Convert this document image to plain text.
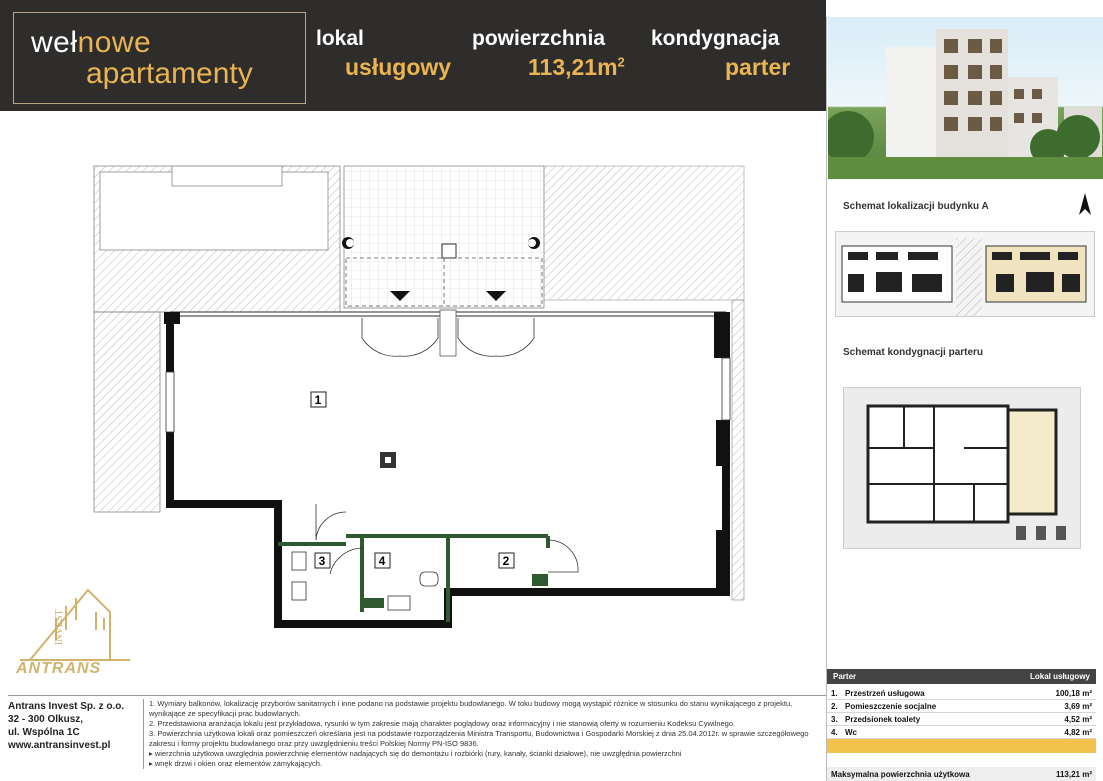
wełnowe
apartamenty
lokal
usługowy
powierzchnia
$113,21m^2$
kondygnacja
parter
1
2
3	4
INVEST
ANTRANS
Schemat lokalizacji budynku A
Schemat kondygnacji parteru
Parter	Lokal usługowy
1. Przestrzeń usługowa	100,18 m²
2. Pomieszczenie socjalne	3,69 m²
3. Przedsionek toalety	4,52 m²
4. Wc	4,82 m²
Maksymalna powierzchnia użytkowa	113,21 m²
Antrans Invest Sp. z o.o.
32 - 300 Olkusz,
ul. Wspólna 1C
www.antransinvest.pl
1. Wymiary balkonów, lokalizację przyborów sanitarnych i inne podano na podstawie projektu budowlanego. W toku budowy mogą wystąpić różnice w stosunku do stanu wynikającego z projektu, wynikające ze specyfikacji prac budowlanych.
2. Przedstawiona aranżacja lokalu jest przykładowa, rysunki w tym zakresie mają charakter poglądowy oraz informacyjny i nie stanowią oferty w rozumieniu Kodeksu Cywilnego.
3. Powierzchnia użytkowa lokali oraz pomieszczeń określana jest na podstawie rozporządzenia Ministra Transportu, Budownictwa i Gospodarki Morskiej z dnia 25.04.2012r. w sprawie szczegółowego zakresu i formy projektu budowlanego oraz przy uwzględnieniu treści Polskiej Normy PN-ISO 9836.
▸ wierzchnia użytkowa uwzględnia powierzchnię elementów nadających się do demontażu i rozbiórki (rury, kanały, ścianki działowe), nie uwzględnia powierzchni
▸ wnęk drzwi i okien oraz elementów zamykających.
